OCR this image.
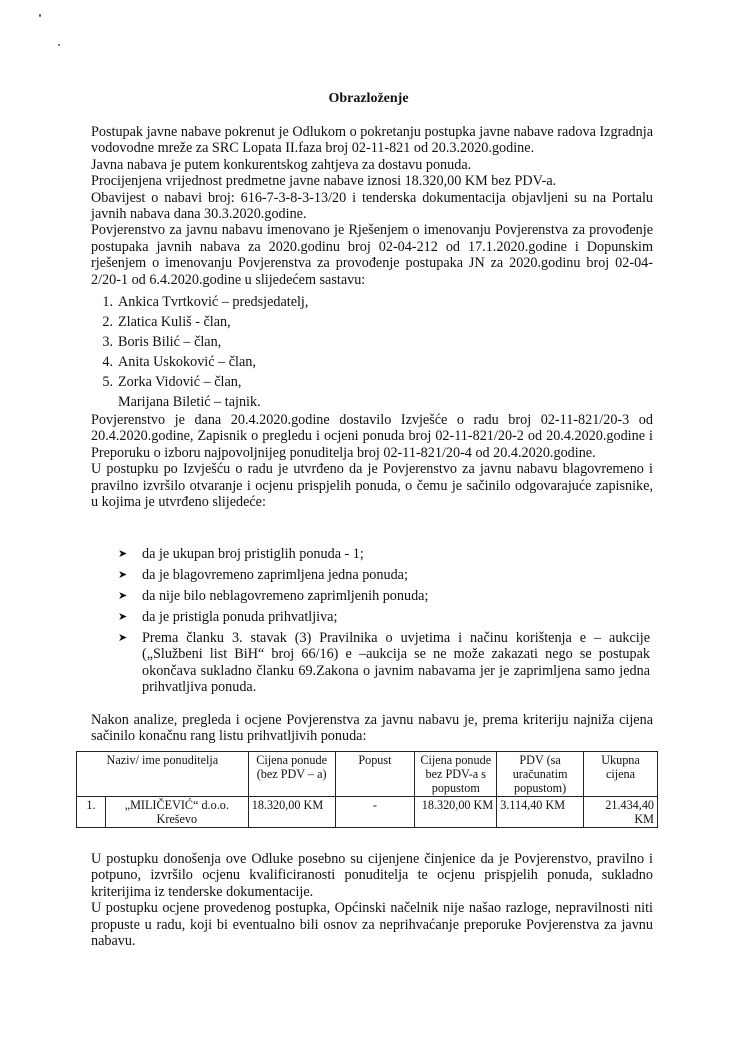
Obrazloženje

Postupak javne nabave pokrenut je Odlukom o pokretanju postupka javne nabave radova Izgradnja vodovodne mreže za SRC Lopata II.faza broj 02-11-821 od 20.3.2020.godine.

Javna nabava je putem konkurentskog zahtjeva za dostavu ponuda.

Procijenjena vrijednost predmetne javne nabave iznosi 18.320,00 KM bez PDV-a.

Obavijest o nabavi broj: 616-7-3-8-3-13/20 i tenderska dokumentacija objavljeni su na Portalu javnih nabava dana 30.3.2020.godine.

Povjerenstvo za javnu nabavu imenovano je Rješenjem o imenovanju Povjerenstva za provođenje postupaka javnih nabava za 2020.godinu broj 02-04-212 od 17.1.2020.godine i Dopunskim rješenjem o imenovanju Povjerenstva za provođenje postupaka JN za 2020.godinu broj 02-04-2/20-1 od 6.4.2020.godine u slijedećem sastavu:

1. Ankica Tvrtković – predsjedatelj,
2. Zlatica Kuliš - član,
3. Boris Bilić – član,
4. Anita Uskoković – član,
5. Zorka Vidović – član,
Marijana Biletić – tajnik.

Povjerenstvo je dana 20.4.2020.godine dostavilo Izvješće o radu broj 02-11-821/20-3 od 20.4.2020.godine, Zapisnik o pregledu i ocjeni ponuda broj 02-11-821/20-2 od 20.4.2020.godine i Preporuku o izboru najpovoljnijeg ponuditelja broj 02-11-821/20-4 od 20.4.2020.godine.

U postupku po Izvješću o radu je utvrđeno da je Povjerenstvo za javnu nabavu blagovremeno i pravilno izvršilo otvaranje i ocjenu prispjelih ponuda, o čemu je sačinilo odgovarajuće zapisnike, u kojima je utvrđeno slijedeće:

➤ da je ukupan broj pristiglih ponuda - 1;
➤ da je blagovremeno zaprimljena jedna ponuda;
➤ da nije bilo neblagovremeno zaprimljenih ponuda;
➤ da je pristigla ponuda prihvatljiva;
➤ Prema članku 3. stavak (3) Pravilnika o uvjetima i načinu korištenja e – aukcije („Službeni list BiH“ broj 66/16) e –aukcija se ne može zakazati nego se postupak okončava sukladno članku 69.Zakona o javnim nabavama jer je zaprimljena samo jedna prihvatljiva ponuda.

Nakon analize, pregleda i ocjene Povjerenstva za javnu nabavu je, prema kriteriju najniža cijena sačinilo konačnu rang listu prihvatljivih ponuda:

Naziv/ ime ponuditelja		Cijena ponude (bez PDV – a)	Popust	Cijena ponude bez PDV-a s popustom	PDV (sa uračunatim popustom)	Ukupna cijena
1.	„MILIČEVIĆ“ d.o.o. Kreševo	18.320,00 KM	-	18.320,00 KM	3.114,40 KM	21.434,40 KM

U postupku donošenja ove Odluke posebno su cijenjene činjenice da je Povjerenstvo, pravilno i potpuno, izvršilo ocjenu kvalificiranosti ponuditelja te ocjenu prispjelih ponuda, sukladno kriterijima iz tenderske dokumentacije.

U postupku ocjene provedenog postupka, Općinski načelnik nije našao razloge, nepravilnosti niti propuste u radu, koji bi eventualno bili osnov za neprihvaćanje preporuke Povjerenstva za javnu nabavu.
